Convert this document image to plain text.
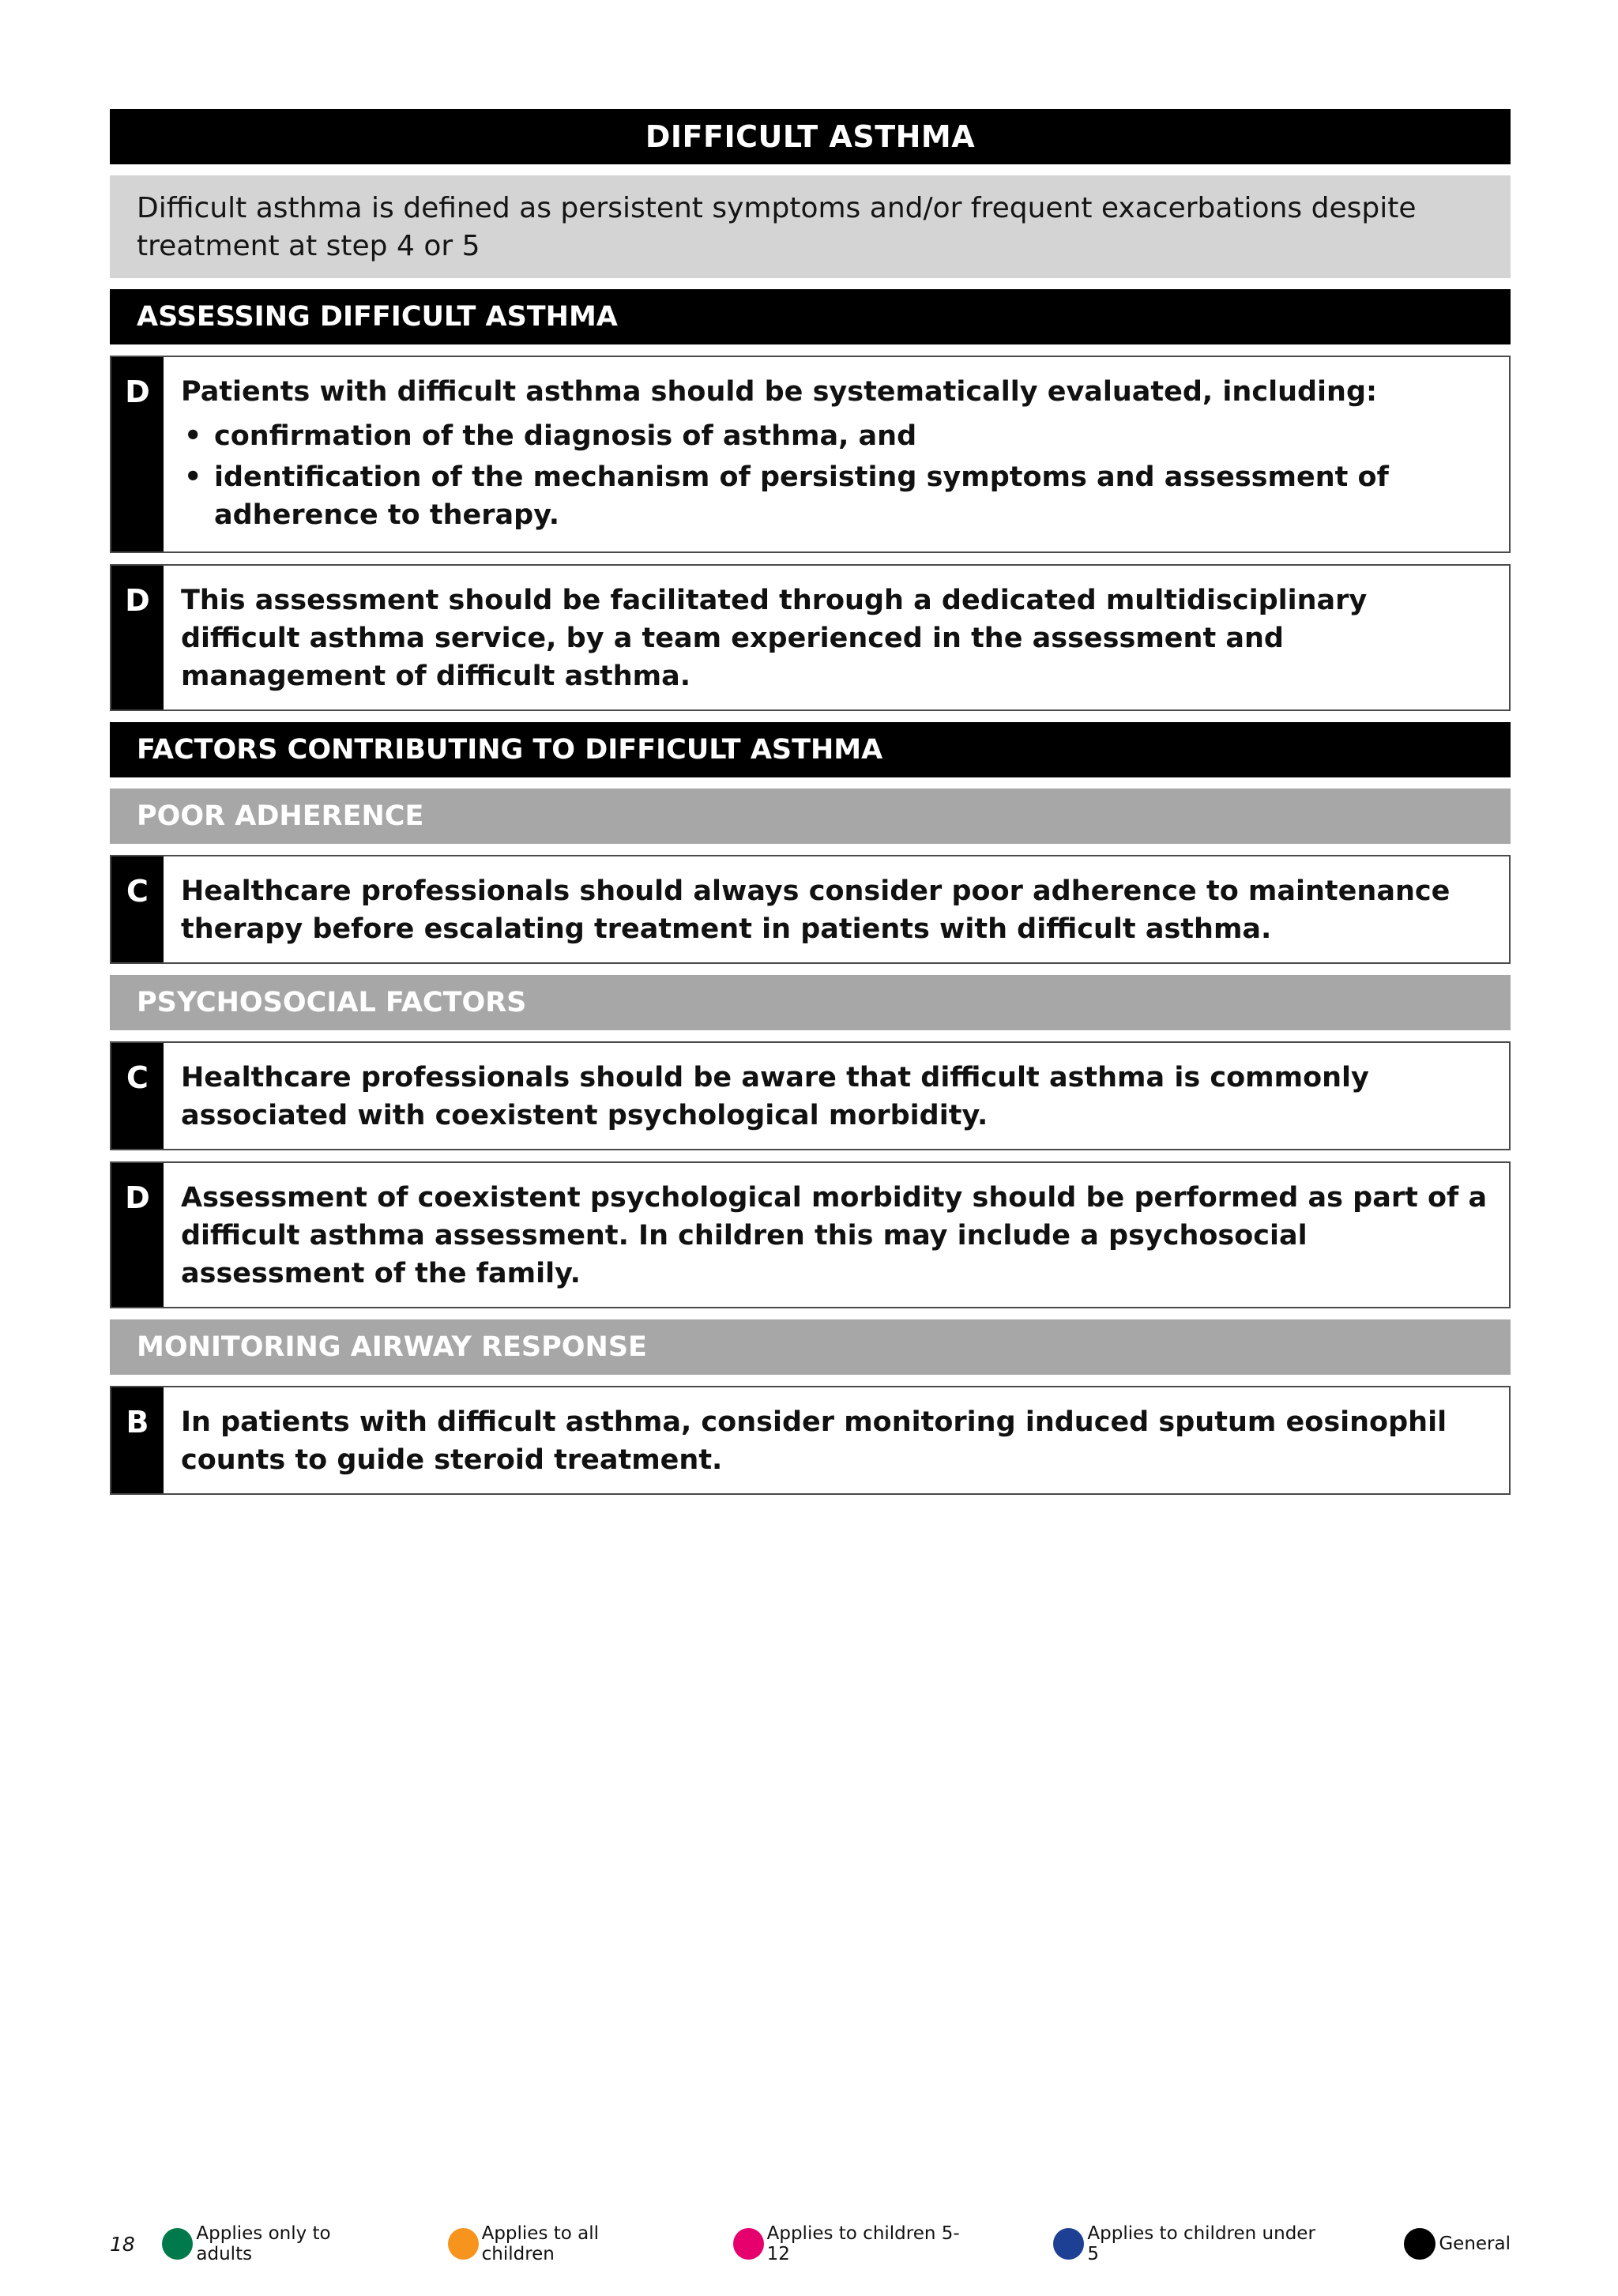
DIFFICULT ASTHMA
Difficult asthma is defined as persistent symptoms and/or frequent exacerbations despite treatment at step 4 or 5
ASSESSING DIFFICULT ASTHMA
D	Patients with difficult asthma should be systematically evaluated, including:
• confirmation of the diagnosis of asthma, and
• identification of the mechanism of persisting symptoms and assessment of adherence to therapy.
D	This assessment should be facilitated through a dedicated multidisciplinary difficult asthma service, by a team experienced in the assessment and management of difficult asthma.
FACTORS CONTRIBUTING TO DIFFICULT ASTHMA
POOR ADHERENCE
C	Healthcare professionals should always consider poor adherence to maintenance therapy before escalating treatment in patients with difficult asthma.
PSYCHOSOCIAL FACTORS
C	Healthcare professionals should be aware that difficult asthma is commonly associated with coexistent psychological morbidity.
D	Assessment of coexistent psychological morbidity should be performed as part of a difficult asthma assessment. In children this may include a psychosocial assessment of the family.
MONITORING AIRWAY RESPONSE
B	In patients with difficult asthma, consider monitoring induced sputum eosinophil counts to guide steroid treatment.
18	Applies only to adults
Applies to all children
Applies to children 5-12
Applies to children under 5	General
